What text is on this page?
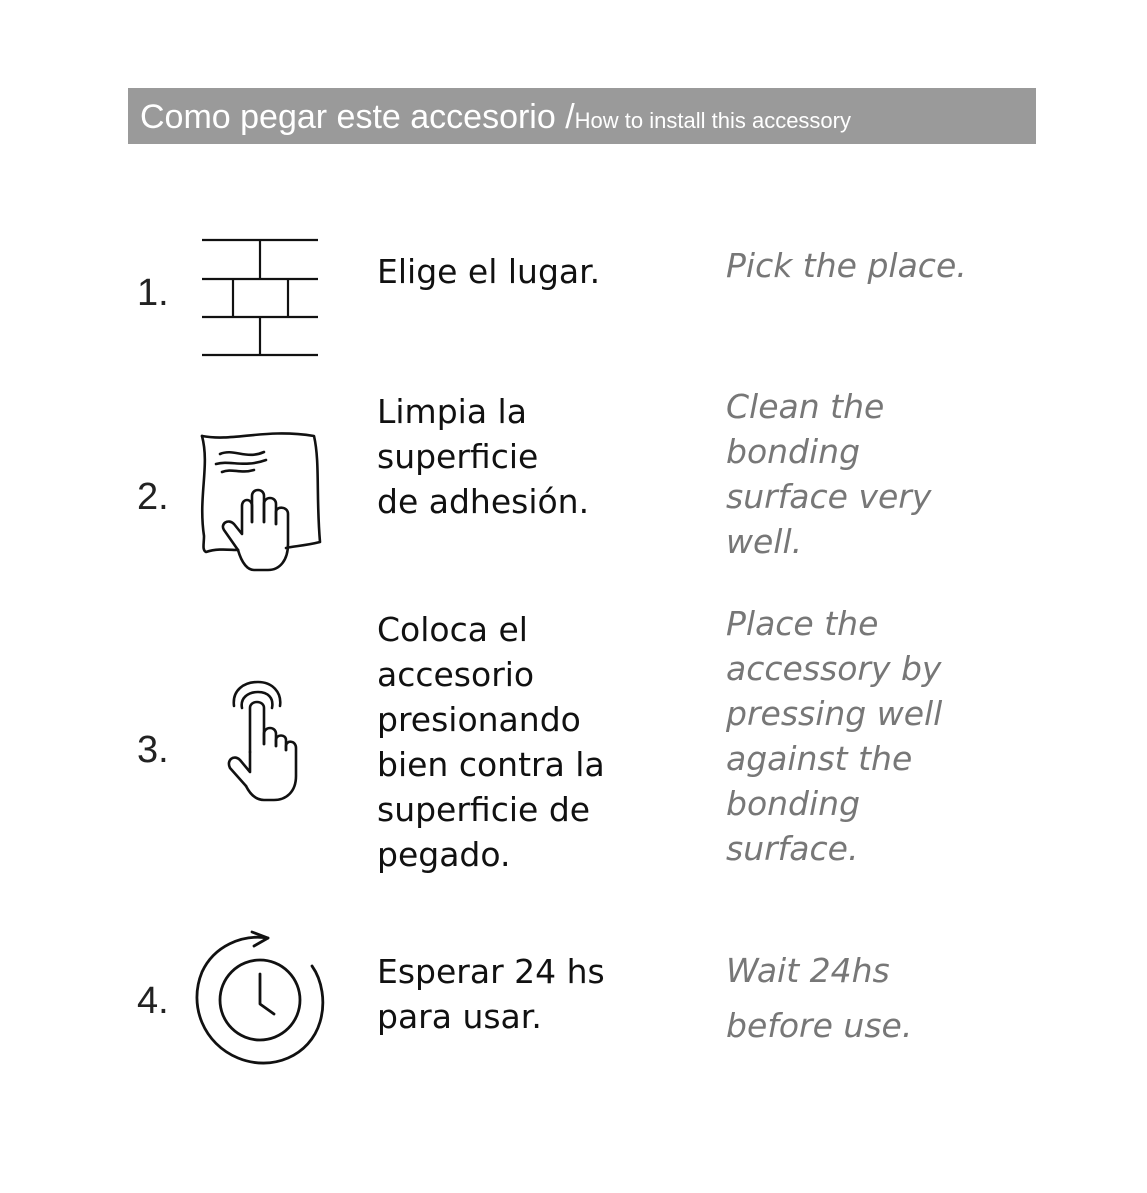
Como pegar este accesorio /How to install this accessory
1.
Elige el lugar.	Pick the place.
2.
Limpia la
superficie
de adhesión.
Clean the
bonding
surface very
well.
3.
Coloca el
accesorio
presionando
bien contra la
superficie de
pegado.
Place the
accessory by
pressing well
against the
bonding
surface.
4.
Esperar 24 hs
para usar.
Wait 24hs
before use.
